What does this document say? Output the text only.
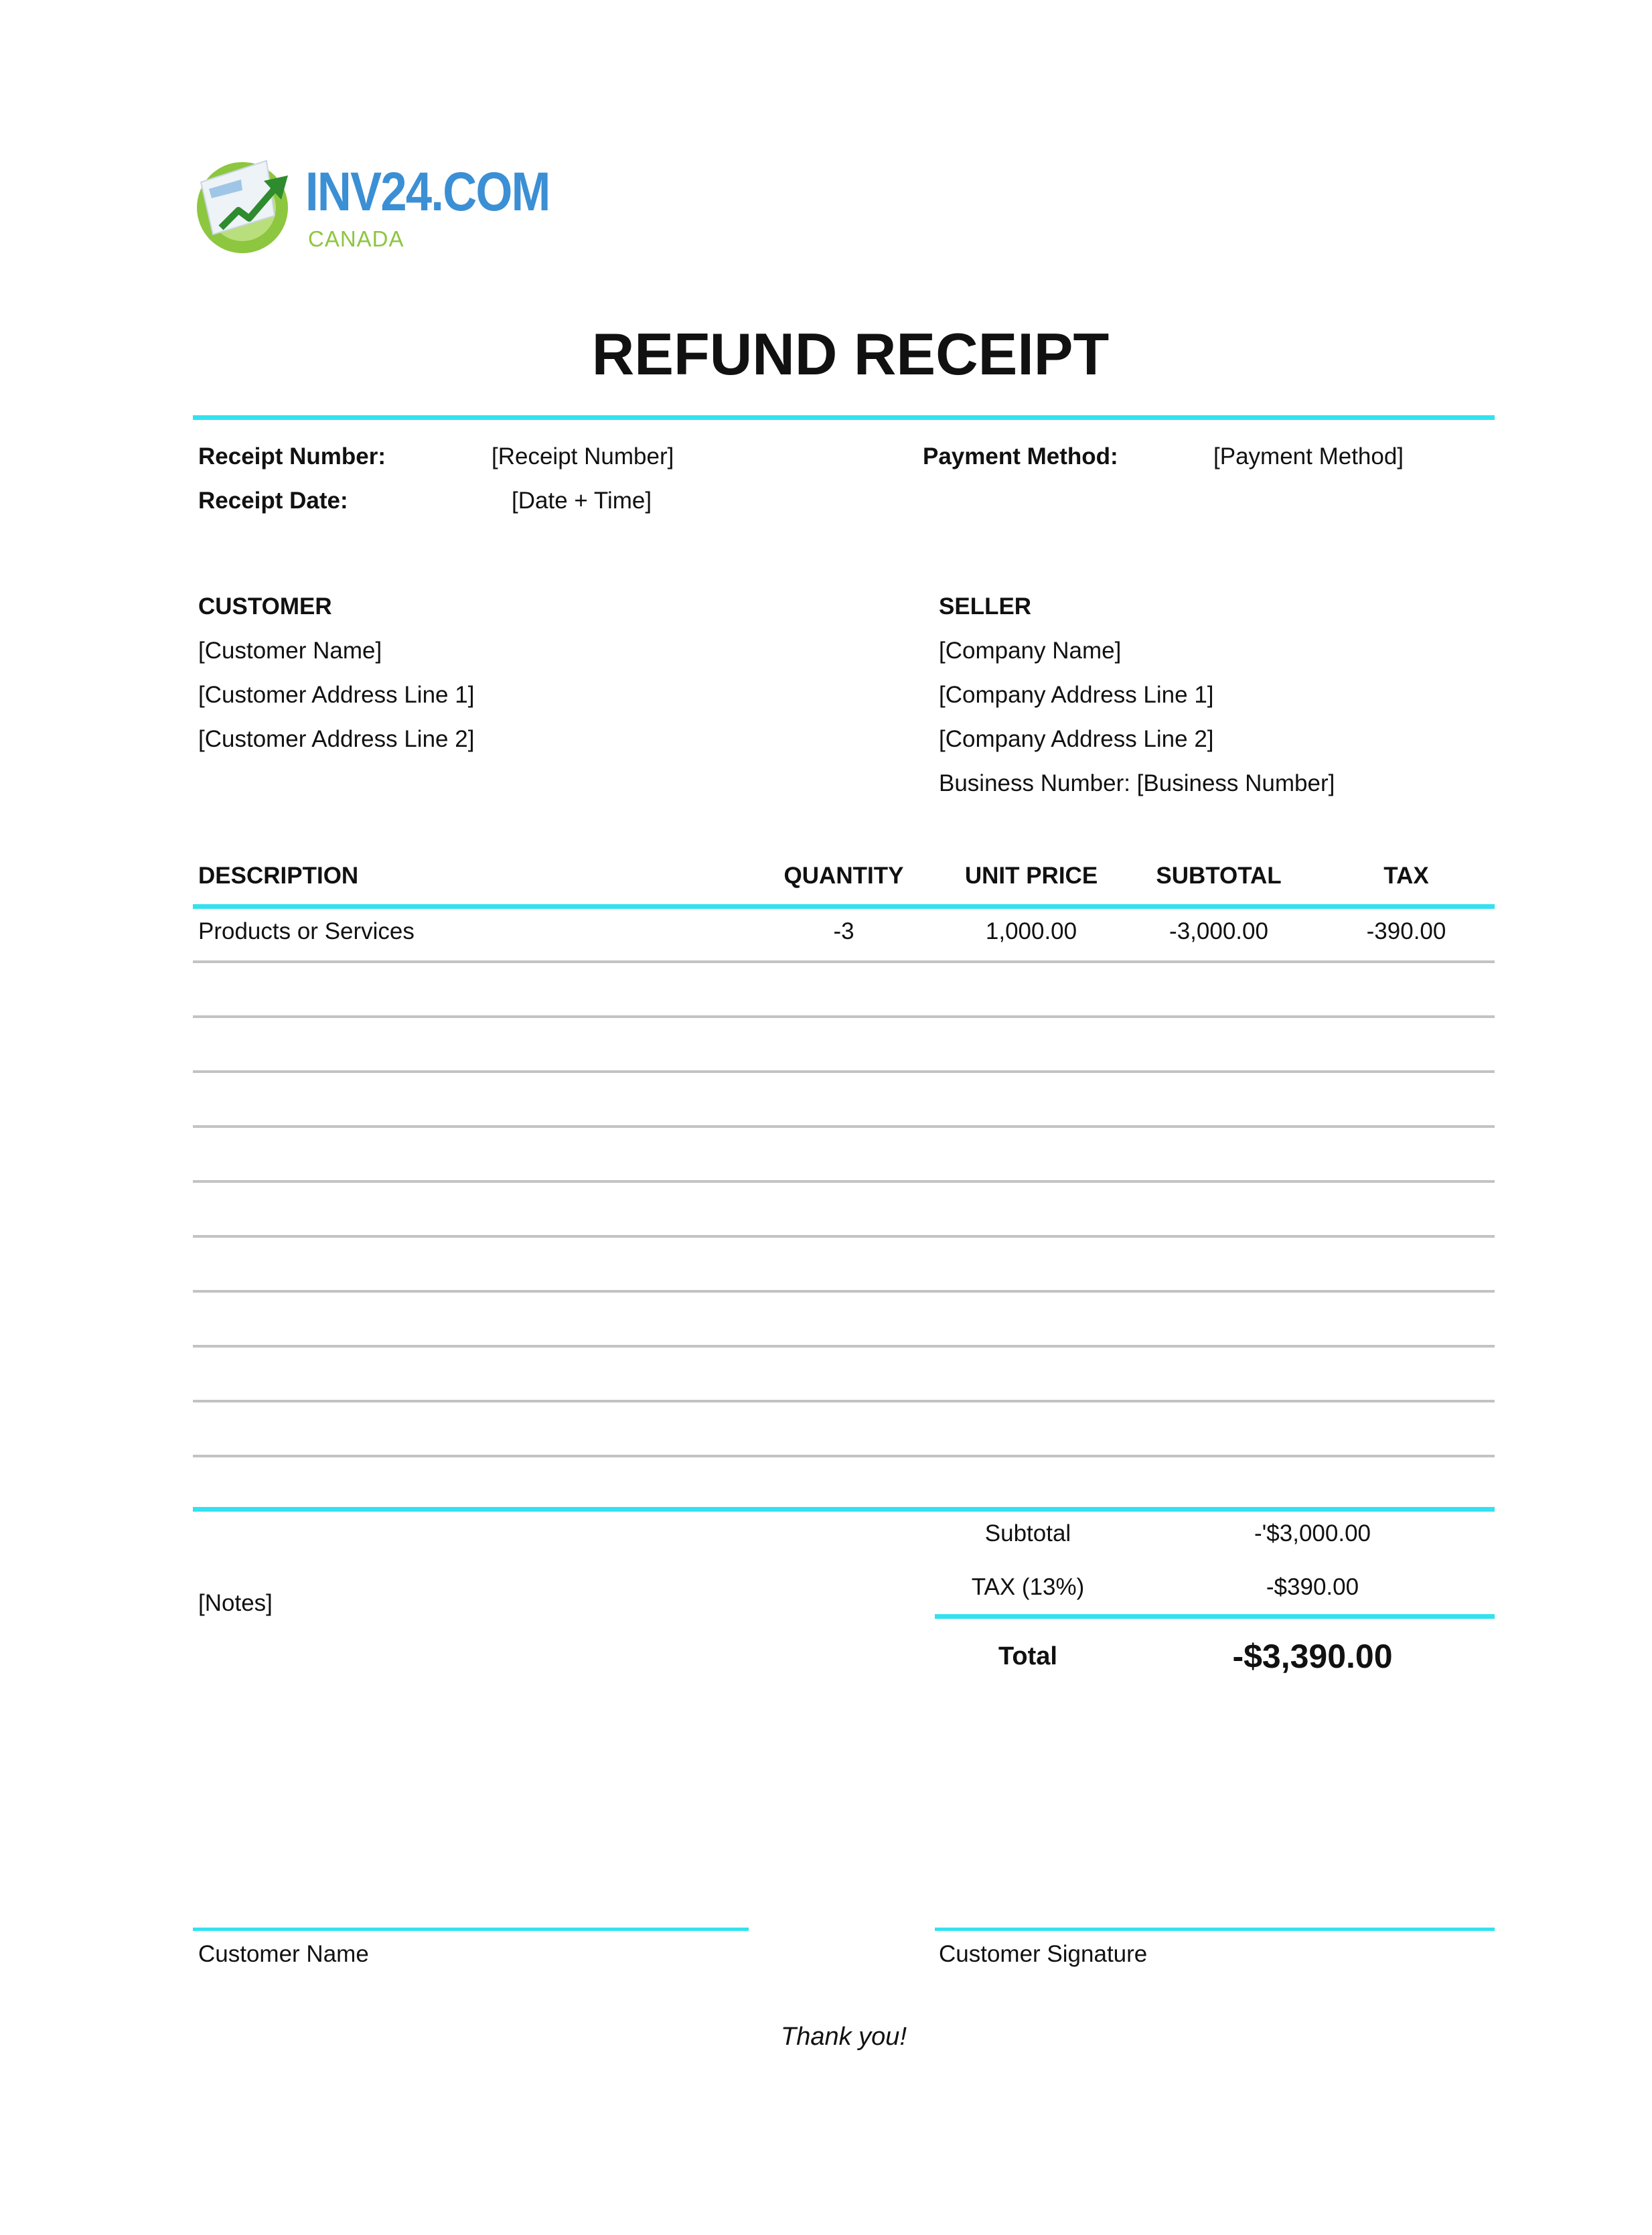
INV24.COM
CANADA
REFUND RECEIPT
Receipt Number:	[Receipt Number]	Payment Method:	[Payment Method]
Receipt Date:	[Date + Time]
CUSTOMER
[Customer Name]
[Customer Address Line 1]
[Customer Address Line 2]
SELLER
[Company Name]
[Company Address Line 1]
[Company Address Line 2]
Business Number: [Business Number]
DESCRIPTION	QUANTITY	UNIT PRICE	SUBTOTAL	TAX
Products or Services	-3	1,000.00	-3,000.00	-390.00
[Notes]
Subtotal	-'$3,000.00
TAX (13%)	-$390.00
Total	-$3,390.00
Customer Name	Customer Signature
Thank you!
